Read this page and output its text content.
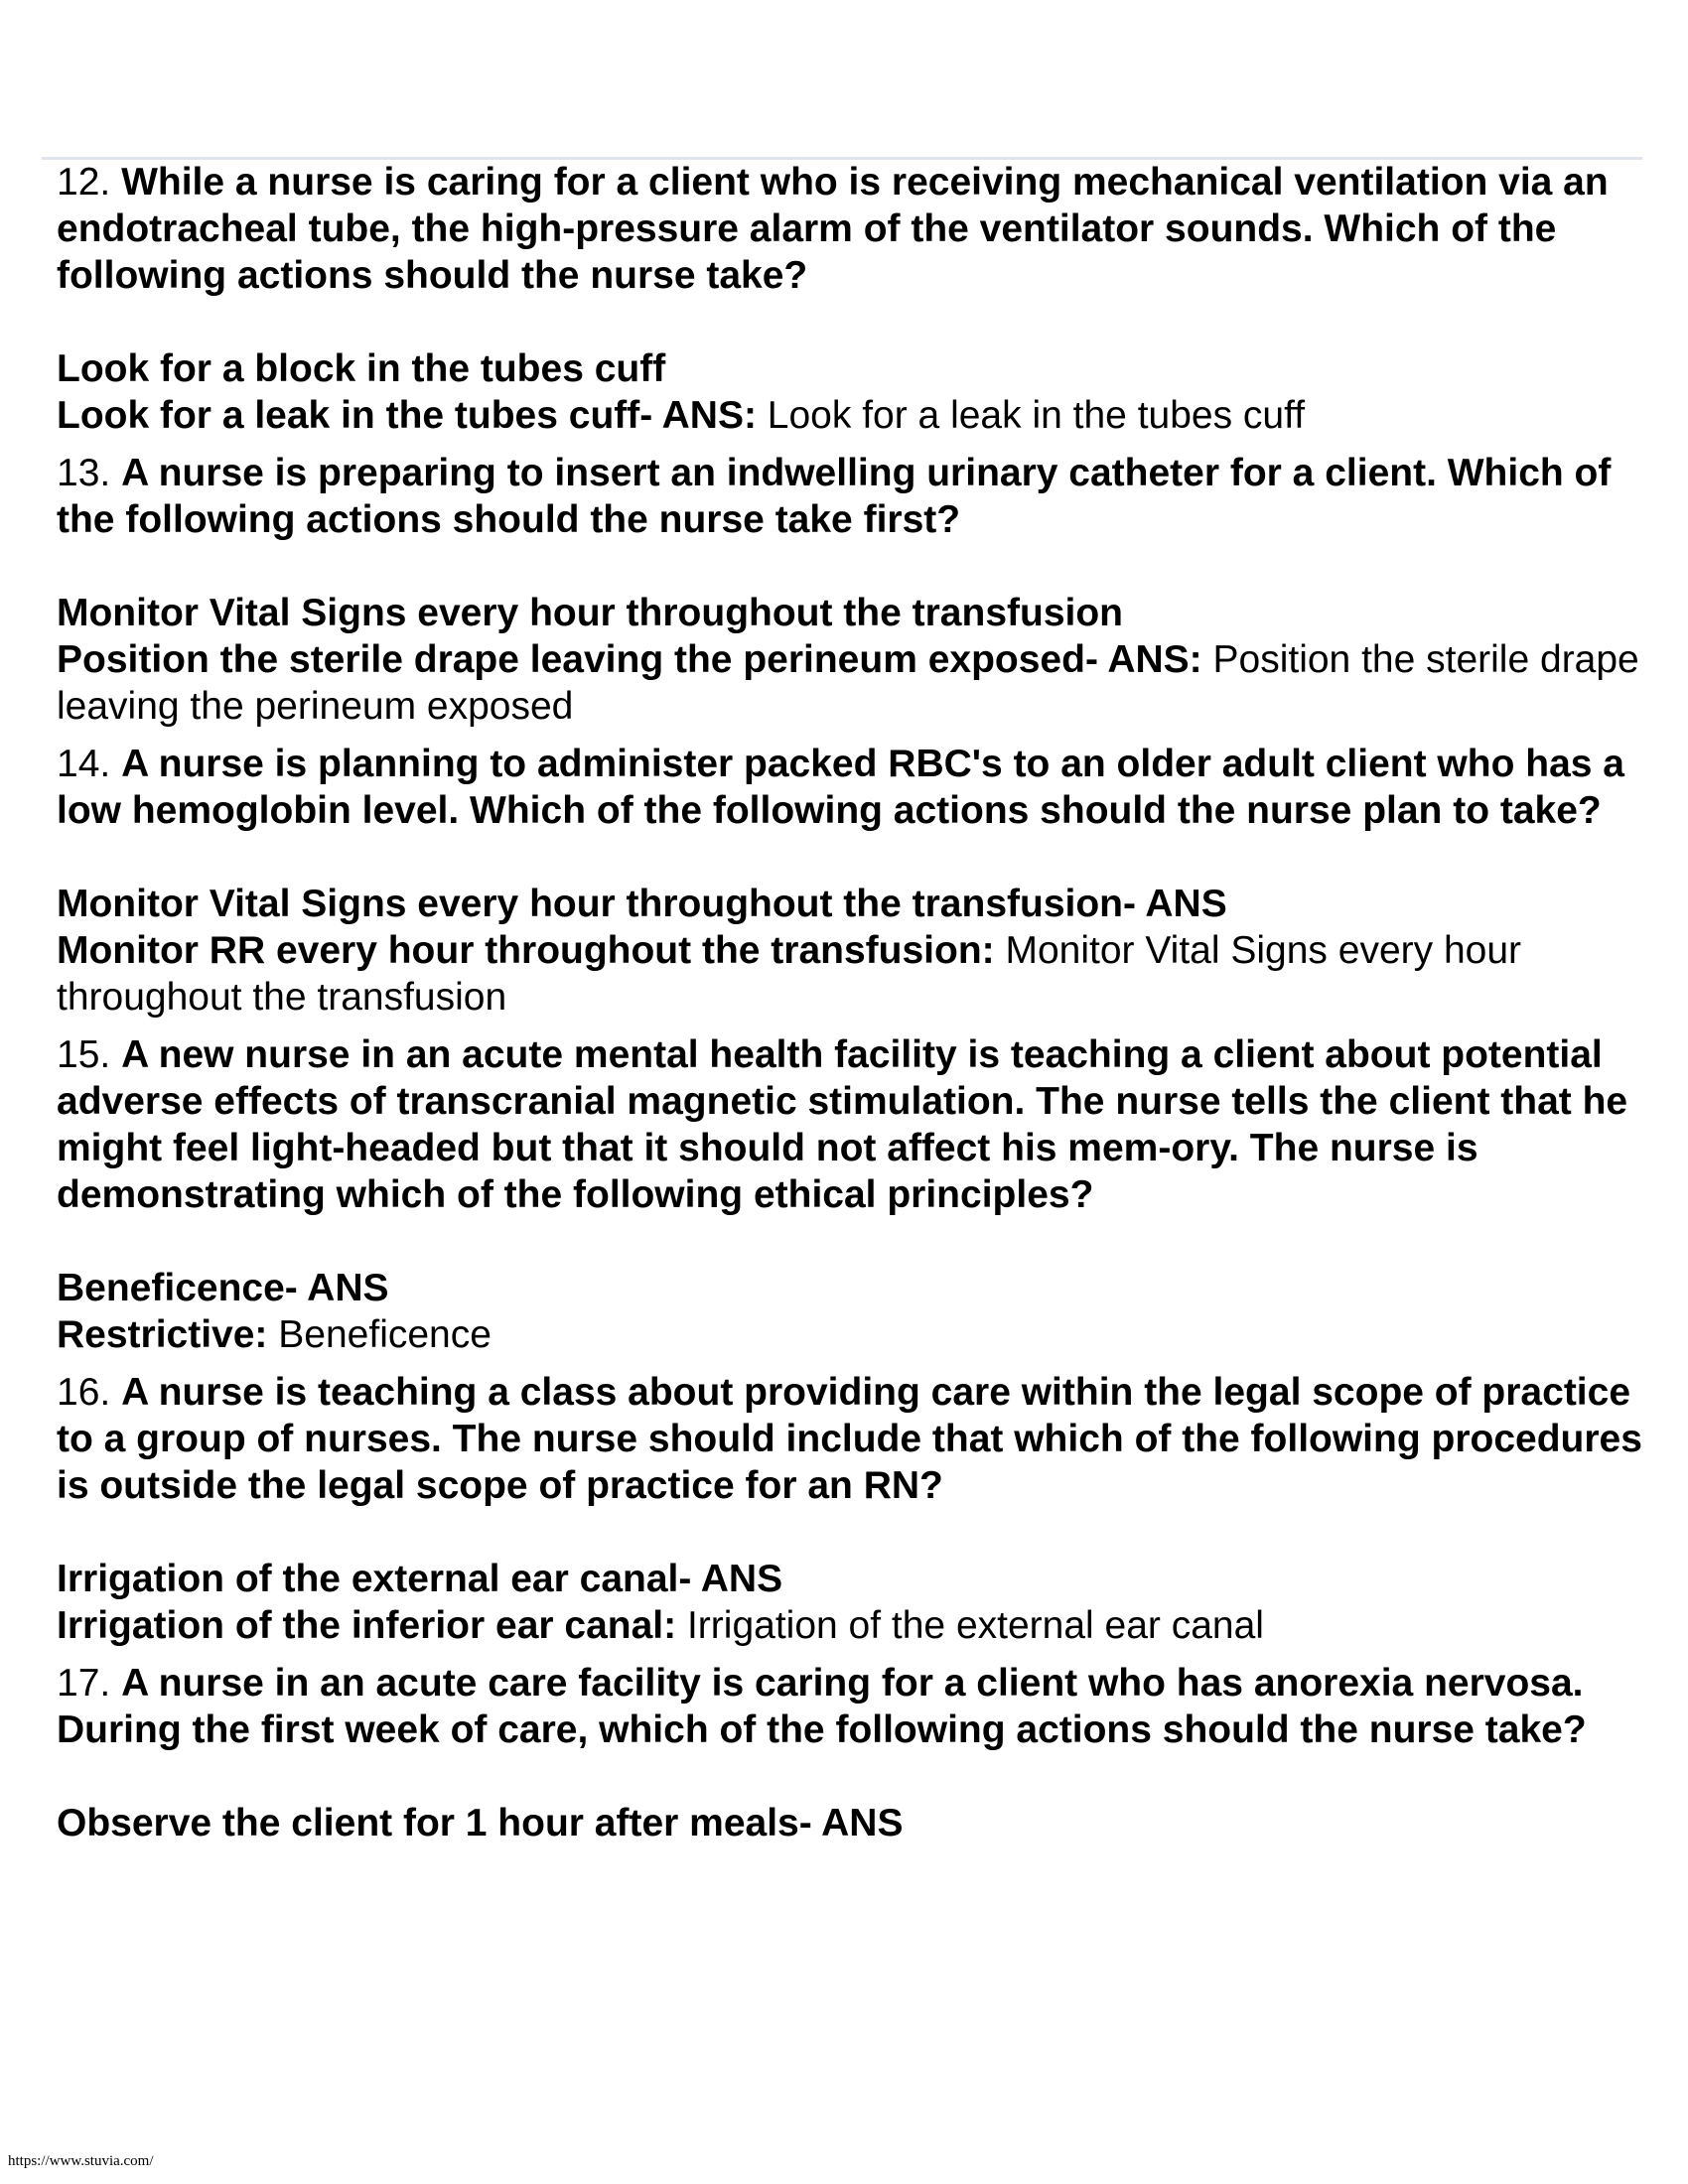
12. While a nurse is caring for a client who is receiving mechanical ventilation via an endotracheal tube, the high-pressure alarm of the ventilator sounds. Which of the following actions should the nurse take?

Look for a block in the tubes cuff

Look for a leak in the tubes cuff- ANS: Look for a leak in the tubes cuff

13. A nurse is preparing to insert an indwelling urinary catheter for a client. Which of the following actions should the nurse take first?

Monitor Vital Signs every hour throughout the transfusion

Position the sterile drape leaving the perineum exposed- ANS: Position the sterile drape leaving the perineum exposed

14. A nurse is planning to administer packed RBC's to an older adult client who has a low hemoglobin level. Which of the following actions should the nurse plan to take?

Monitor Vital Signs every hour throughout the transfusion- ANS

Monitor RR every hour throughout the transfusion: Monitor Vital Signs every hour throughout the transfusion

15. A new nurse in an acute mental health facility is teaching a client about potential adverse effects of transcranial magnetic stimulation. The nurse tells the client that he might feel light-headed but that it should not affect his mem-ory. The nurse is demonstrating which of the following ethical principles?

Beneficence- ANS

Restrictive: Beneficence

16. A nurse is teaching a class about providing care within the legal scope of practice to a group of nurses. The nurse should include that which of the following procedures is outside the legal scope of practice for an RN?

Irrigation of the external ear canal- ANS

Irrigation of the inferior ear canal: Irrigation of the external ear canal

17. A nurse in an acute care facility is caring for a client who has anorexia nervosa. During the first week of care, which of the following actions should the nurse take?

Observe the client for 1 hour after meals- ANS

https://www.stuvia.com/
